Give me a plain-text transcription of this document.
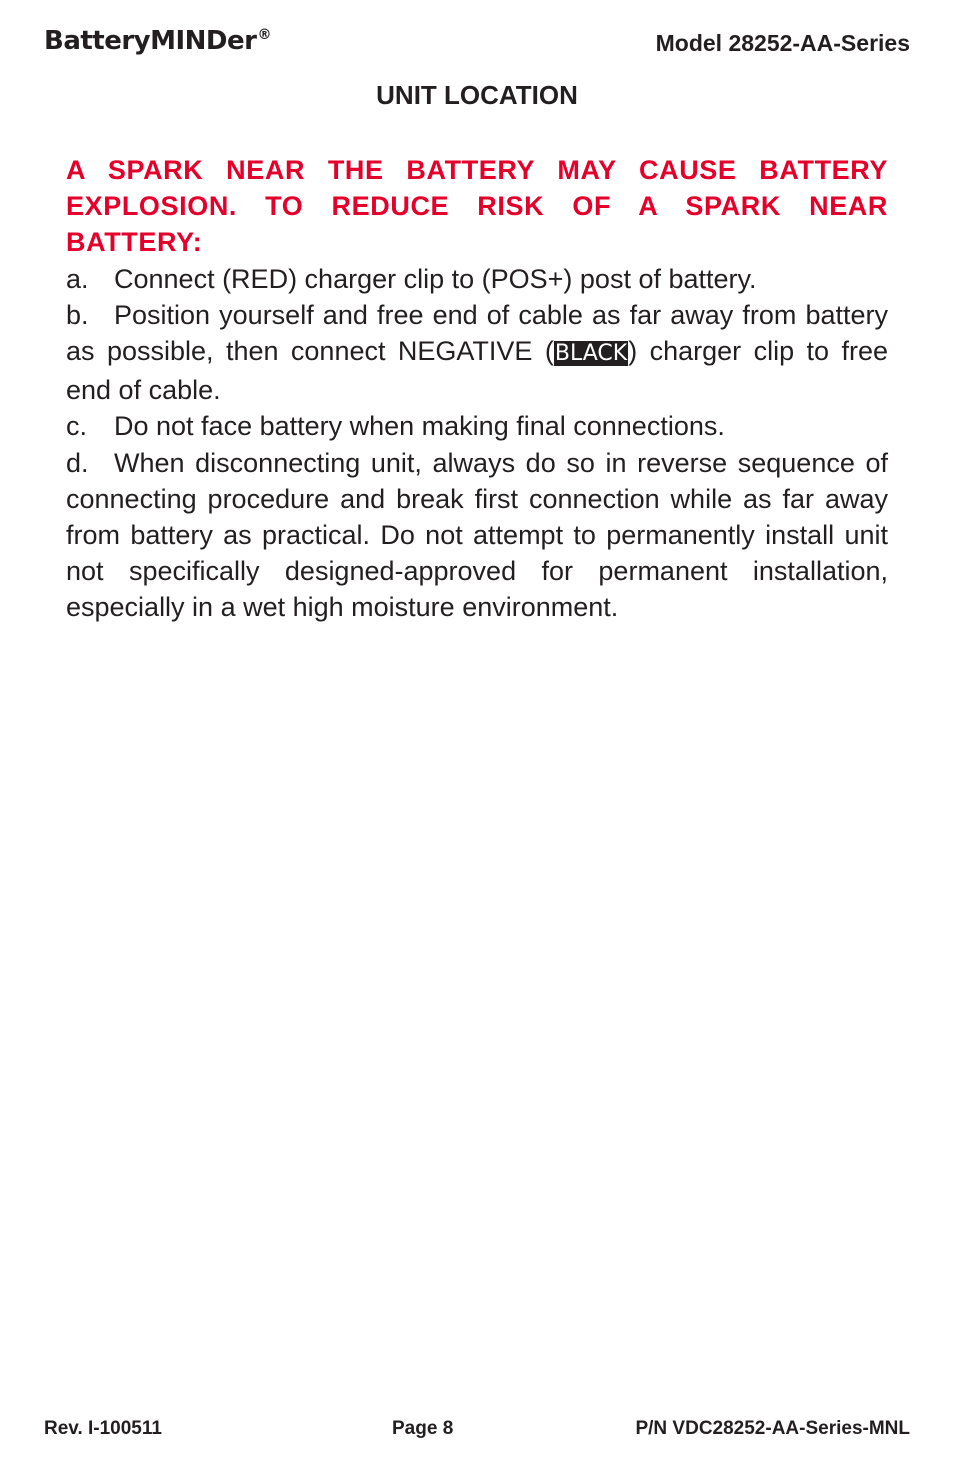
BatteryMINDer®	Model 28252-AA-Series
UNIT LOCATION

A SPARK NEAR THE BATTERY MAY CAUSE BATTERY EXPLOSION. TO REDUCE RISK OF A SPARK NEAR BATTERY:

a. Connect (RED) charger clip to (POS+) post of battery.

b. Position yourself and free end of cable as far away from battery as possible, then connect NEGATIVE (BLACK) charger clip to free end of cable.

c. Do not face battery when making final connections.

d. When disconnecting unit, always do so in reverse sequence of connecting procedure and break first connection while as far away from battery as practical. Do not attempt to permanently install unit not specifically designed-approved for permanent installation, especially in a wet high moisture environment.

Rev. I-100511	Page 8	P/N VDC28252-AA-Series-MNL
